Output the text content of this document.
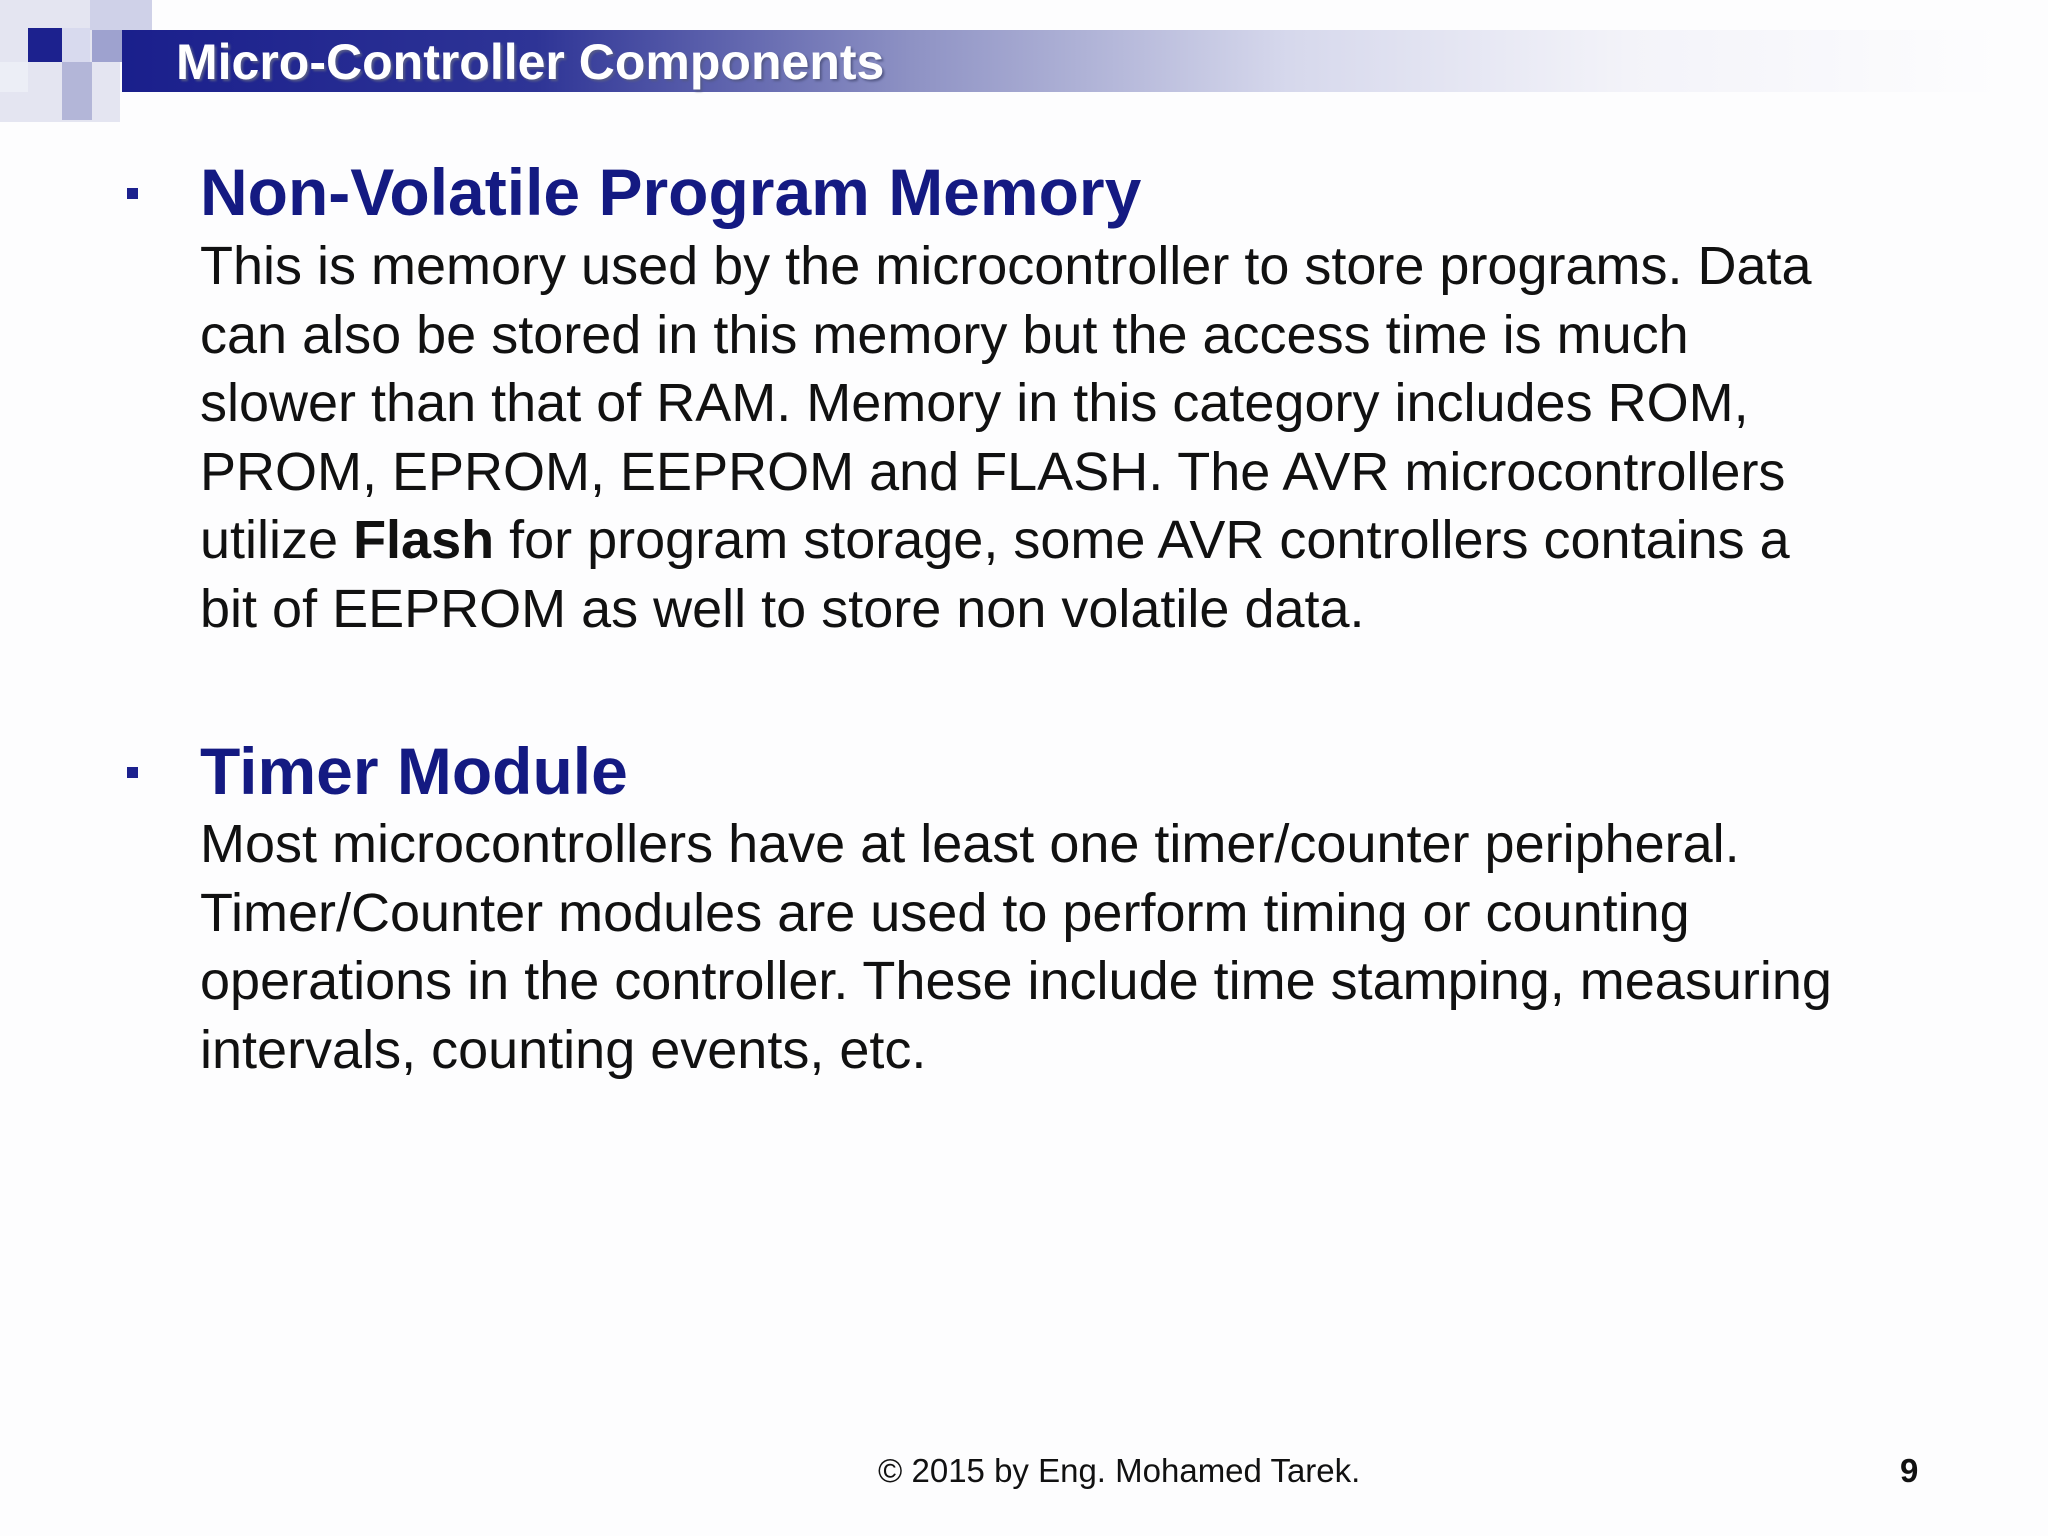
Micro-Controller Components
Non-Volatile Program Memory
This is memory used by the microcontroller to store programs. Data
can also be stored in this memory but the access time is much
slower than that of RAM. Memory in this category includes ROM,
PROM, EPROM, EEPROM and FLASH. The AVR microcontrollers
utilize Flash for program storage, some AVR controllers contains a
bit of EEPROM as well to store non volatile data.
Timer Module
Most microcontrollers have at least one timer/counter peripheral.
Timer/Counter modules are used to perform timing or counting
operations in the controller. These include time stamping, measuring
intervals, counting events, etc.
© 2015 by Eng. Mohamed Tarek.	9
